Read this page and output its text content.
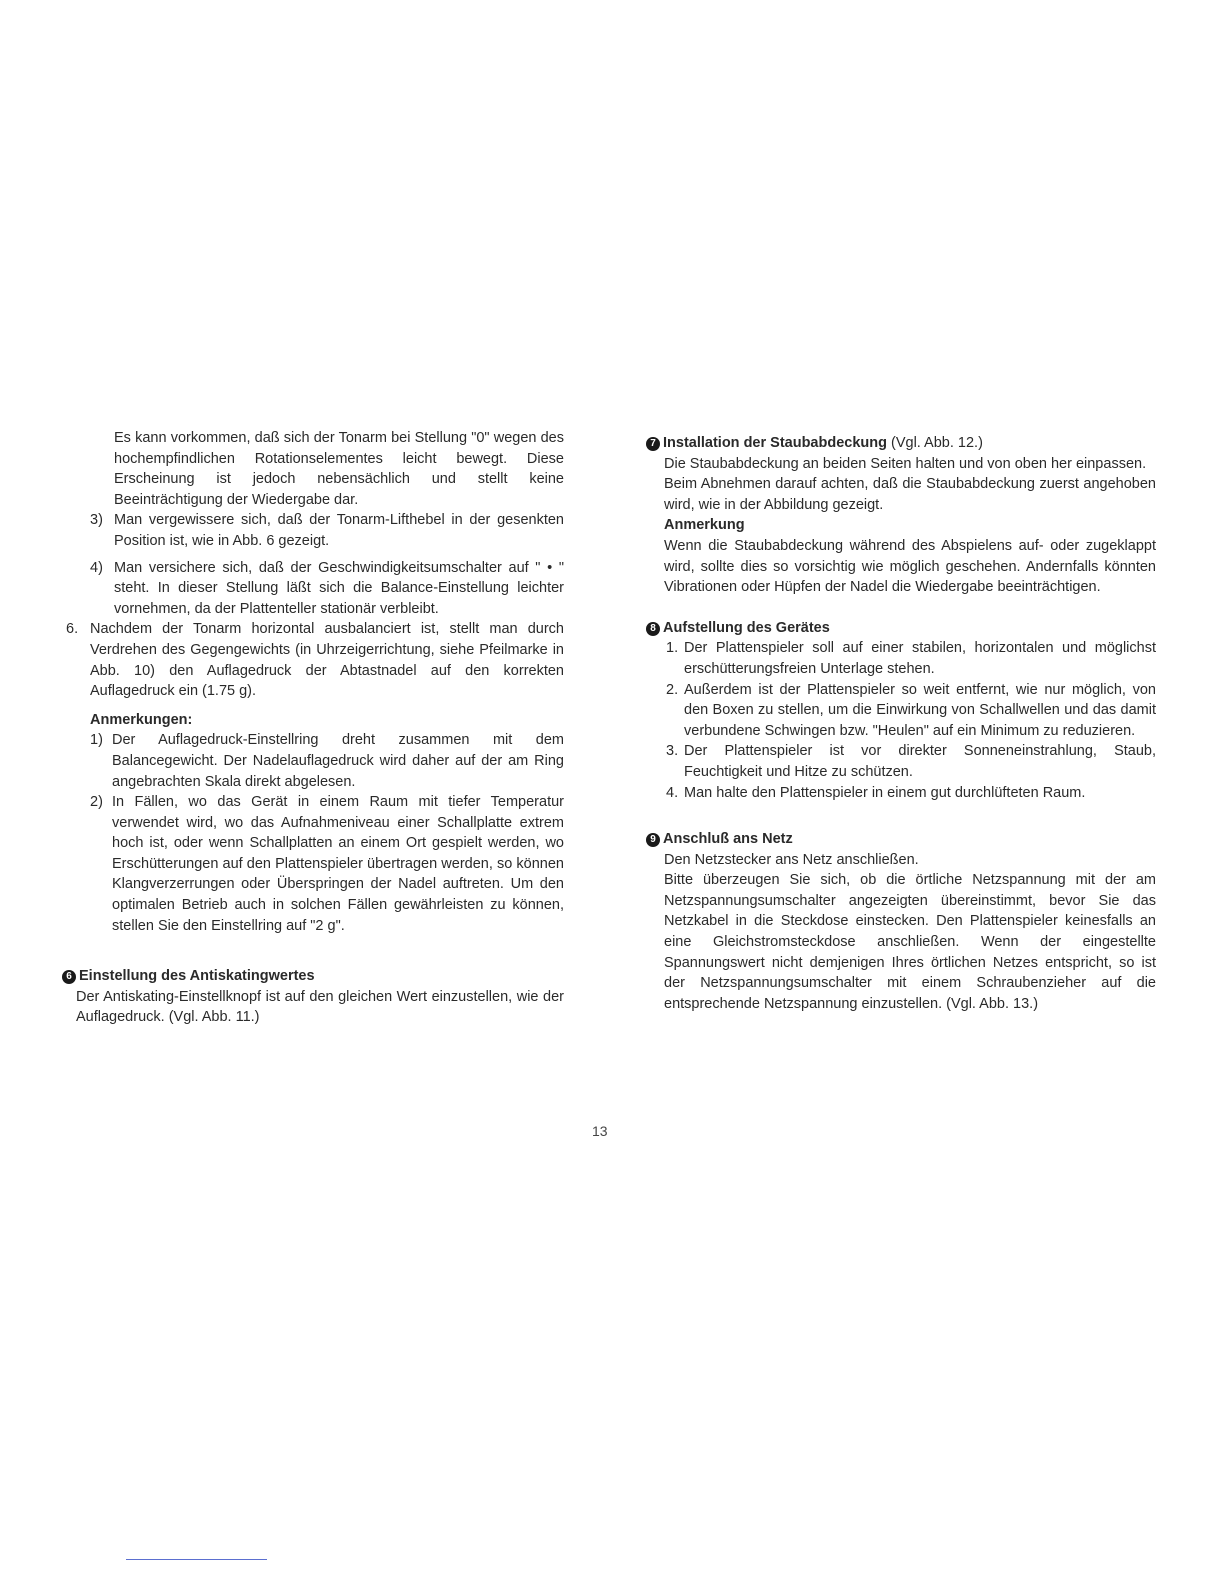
Es kann vorkommen, daß sich der Tonarm bei Stellung "0" wegen des hochempfindlichen Rotationselementes leicht bewegt. Diese Erscheinung ist jedoch nebensächlich und stellt keine Beeinträchtigung der Wiedergabe dar.

3) Man vergewissere sich, daß der Tonarm-Lifthebel in der gesenkten Position ist, wie in Abb. 6 gezeigt.
4) Man versichere sich, daß der Geschwindigkeitsumschalter auf " • " steht. In dieser Stellung läßt sich die Balance-Einstellung leichter vornehmen, da der Plattenteller stationär verbleibt.
6. Nachdem der Tonarm horizontal ausbalanciert ist, stellt man durch Verdrehen des Gegengewichts (in Uhrzeigerrichtung, siehe Pfeilmarke in Abb. 10) den Auflagedruck der Abtastnadel auf den korrekten Auflagedruck ein (1.75 g).

Anmerkungen:

1) Der Auflagedruck-Einstellring dreht zusammen mit dem Balancegewicht. Der Nadelauflagedruck wird daher auf der am Ring angebrachten Skala direkt abgelesen.
2) In Fällen, wo das Gerät in einem Raum mit tiefer Temperatur verwendet wird, wo das Aufnahmeniveau einer Schallplatte extrem hoch ist, oder wenn Schallplatten an einem Ort gespielt werden, wo Erschütterungen auf den Plattenspieler übertragen werden, so können Klangverzerrungen oder Überspringen der Nadel auftreten. Um den optimalen Betrieb auch in solchen Fällen gewährleisten zu können, stellen Sie den Einstellring auf "2 g".

6 Einstellung des Antiskatingwertes

Der Antiskating-Einstellknopf ist auf den gleichen Wert einzustellen, wie der Auflagedruck. (Vgl. Abb. 11.)

7 Installation der Staubabdeckung (Vgl. Abb. 12.)

Die Staubabdeckung an beiden Seiten halten und von oben her einpassen.

Beim Abnehmen darauf achten, daß die Staubabdeckung zuerst angehoben wird, wie in der Abbildung gezeigt.

Anmerkung

Wenn die Staubabdeckung während des Abspielens auf- oder zugeklappt wird, sollte dies so vorsichtig wie möglich geschehen. Andernfalls könnten Vibrationen oder Hüpfen der Nadel die Wiedergabe beeinträchtigen.

8 Aufstellung des Gerätes

1. Der Plattenspieler soll auf einer stabilen, horizontalen und möglichst erschütterungsfreien Unterlage stehen.
2. Außerdem ist der Plattenspieler so weit entfernt, wie nur möglich, von den Boxen zu stellen, um die Einwirkung von Schallwellen und das damit verbundene Schwingen bzw. "Heulen" auf ein Minimum zu reduzieren.
3. Der Plattenspieler ist vor direkter Sonneneinstrahlung, Staub, Feuchtigkeit und Hitze zu schützen.
4. Man halte den Plattenspieler in einem gut durchlüfteten Raum.

9 Anschluß ans Netz

Den Netzstecker ans Netz anschließen.

Bitte überzeugen Sie sich, ob die örtliche Netzspannung mit der am Netzspannungsumschalter angezeigten übereinstimmt, bevor Sie das Netzkabel in die Steckdose einstecken. Den Plattenspieler keinesfalls an eine Gleichstromsteckdose anschließen. Wenn der eingestellte Spannungswert nicht demjenigen Ihres örtlichen Netzes entspricht, so ist der Netzspannungsumschalter mit einem Schraubenzieher auf die entsprechende Netzspannung einzustellen. (Vgl. Abb. 13.)

13
